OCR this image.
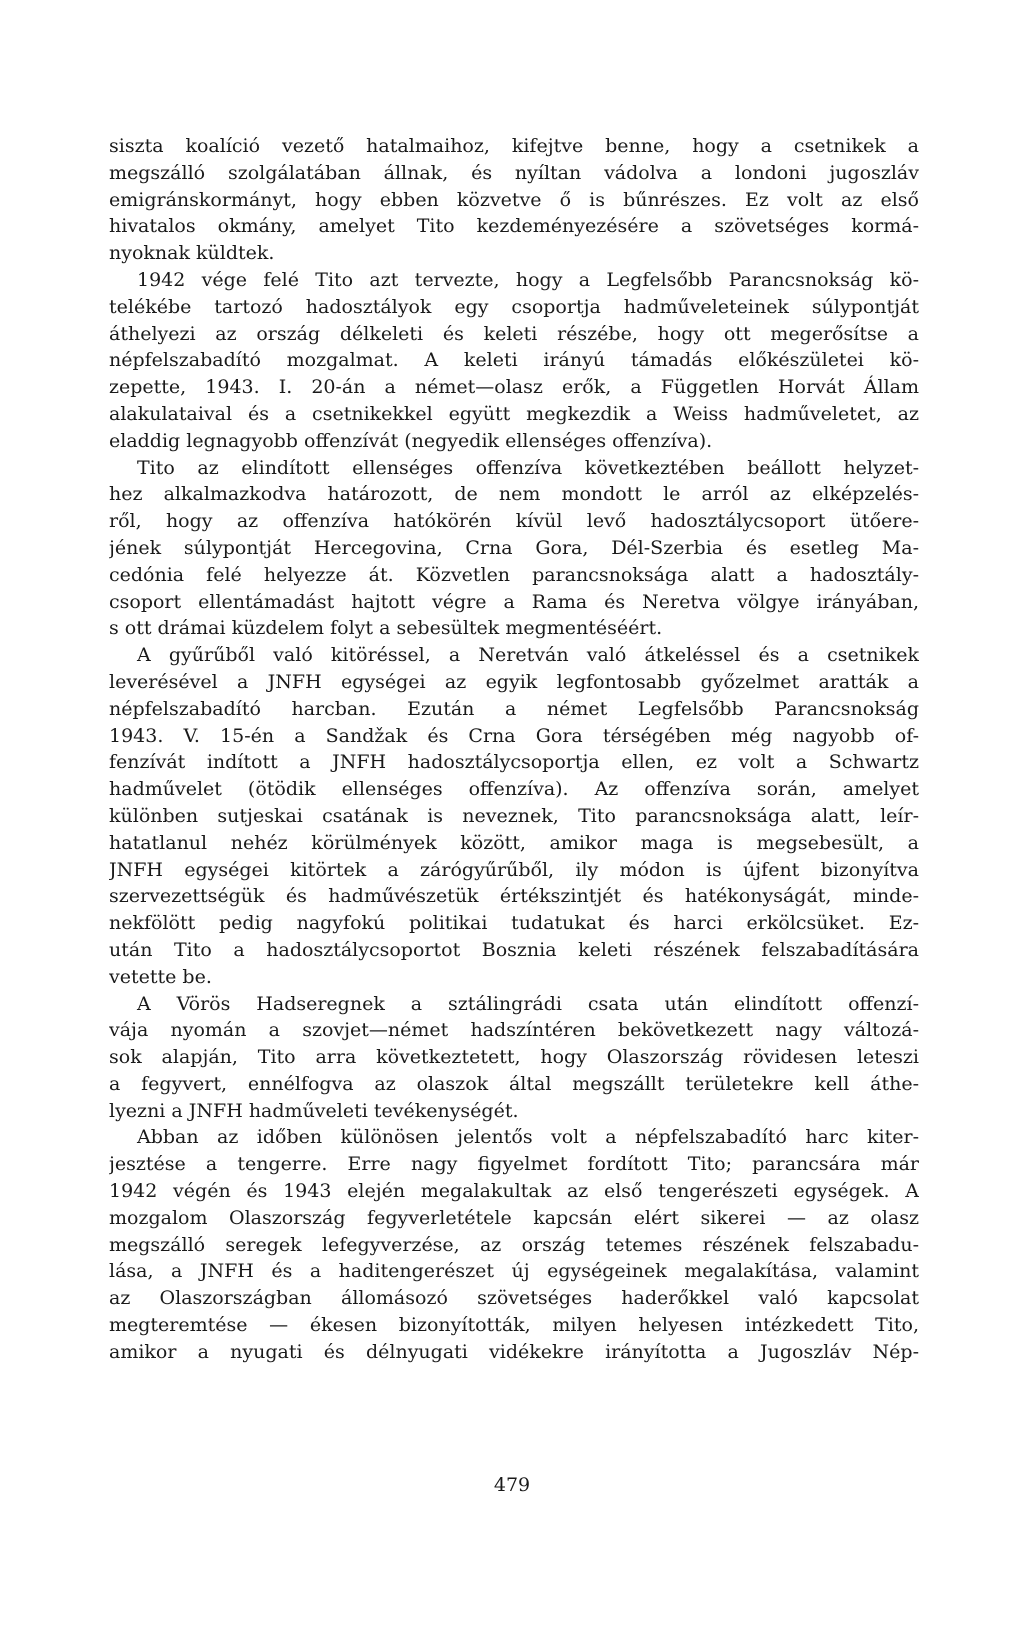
siszta koalíció vezető hatalmaihoz, kifejtve benne, hogy a csetnikek a
megszálló szolgálatában állnak, és nyíltan vádolva a londoni jugoszláv
emigránskormányt, hogy ebben közvetve ő is bűnrészes. Ez volt az első
hivatalos okmány, amelyet Tito kezdeményezésére a szövetséges kormá-
nyoknak küldtek.
1942 vége felé Tito azt tervezte, hogy a Legfelsőbb Parancsnokság kö-
telékébe tartozó hadosztályok egy csoportja hadműveleteinek súlypontját
áthelyezi az ország délkeleti és keleti részébe, hogy ott megerősítse a
népfelszabadító mozgalmat. A keleti irányú támadás előkészületei kö-
zepette, 1943. I. 20-án a német—olasz erők, a Független Horvát Állam
alakulataival és a csetnikekkel együtt megkezdik a Weiss hadműveletet, az
eladdig legnagyobb offenzívát (negyedik ellenséges offenzíva).
Tito az elindított ellenséges offenzíva következtében beállott helyzet-
hez alkalmazkodva határozott, de nem mondott le arról az elképzelés-
ről, hogy az offenzíva hatókörén kívül levő hadosztálycsoport ütőere-
jének súlypontját Hercegovina, Crna Gora, Dél-Szerbia és esetleg Ma-
cedónia felé helyezze át. Közvetlen parancsnoksága alatt a hadosztály-
csoport ellentámadást hajtott végre a Rama és Neretva völgye irányában,
s ott drámai küzdelem folyt a sebesültek megmentéséért.
A gyűrűből való kitöréssel, a Neretván való átkeléssel és a csetnikek
leverésével a JNFH egységei az egyik legfontosabb győzelmet aratták a
népfelszabadító harcban. Ezután a német Legfelsőbb Parancsnokság
1943. V. 15-én a Sandžak és Crna Gora térségében még nagyobb of-
fenzívát indított a JNFH hadosztálycsoportja ellen, ez volt a Schwartz
hadművelet (ötödik ellenséges offenzíva). Az offenzíva során, amelyet
különben sutjeskai csatának is neveznek, Tito parancsnoksága alatt, leír-
hatatlanul nehéz körülmények között, amikor maga is megsebesült, a
JNFH egységei kitörtek a zárógyűrűből, ily módon is újfent bizonyítva
szervezettségük és hadművészetük értékszintjét és hatékonyságát, minde-
nekfölött pedig nagyfokú politikai tudatukat és harci erkölcsüket. Ez-
után Tito a hadosztálycsoportot Bosznia keleti részének felszabadítására
vetette be.
A Vörös Hadseregnek a sztálingrádi csata után elindított offenzí-
vája nyomán a szovjet—német hadszíntéren bekövetkezett nagy változá-
sok alapján, Tito arra következtetett, hogy Olaszország rövidesen leteszi
a fegyvert, ennélfogva az olaszok által megszállt területekre kell áthe-
lyezni a JNFH hadműveleti tevékenységét.
Abban az időben különösen jelentős volt a népfelszabadító harc kiter-
jesztése a tengerre. Erre nagy figyelmet fordított Tito; parancsára már
1942 végén és 1943 elején megalakultak az első tengerészeti egységek. A
mozgalom Olaszország fegyverletétele kapcsán elért sikerei — az olasz
megszálló seregek lefegyverzése, az ország tetemes részének felszabadu-
lása, a JNFH és a haditengerészet új egységeinek megalakítása, valamint
az Olaszországban állomásozó szövetséges haderőkkel való kapcsolat
megteremtése — ékesen bizonyították, milyen helyesen intézkedett Tito,
amikor a nyugati és délnyugati vidékekre irányította a Jugoszláv Nép-
479
